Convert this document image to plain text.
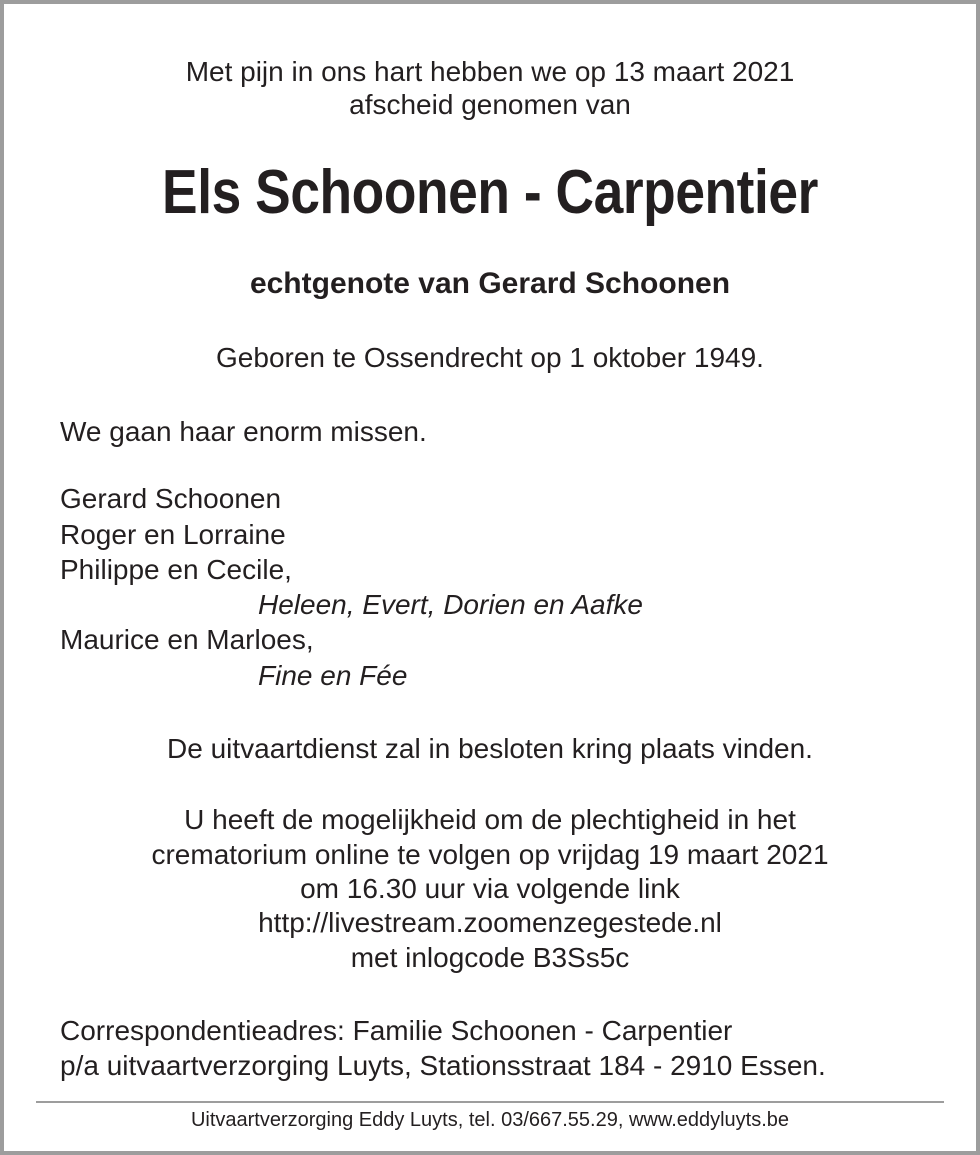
Met pijn in ons hart hebben we op 13 maart 2021
afscheid genomen van
Els Schoonen - Carpentier
echtgenote van Gerard Schoonen
Geboren te Ossendrecht op 1 oktober 1949.
We gaan haar enorm missen.
Gerard Schoonen
Roger en Lorraine
Philippe en Cecile,
Heleen, Evert, Dorien en Aafke
Maurice en Marloes,
Fine en Fée
De uitvaartdienst zal in besloten kring plaats vinden.
U heeft de mogelijkheid om de plechtigheid in het
crematorium online te volgen op vrijdag 19 maart 2021
om 16.30 uur via volgende link
http://livestream.zoomenzegestede.nl
met inlogcode B3Ss5c
Correspondentieadres: Familie Schoonen - Carpentier
p/a uitvaartverzorging Luyts, Stationsstraat 184 - 2910 Essen.
Uitvaartverzorging Eddy Luyts, tel. 03/667.55.29, www.eddyluyts.be
